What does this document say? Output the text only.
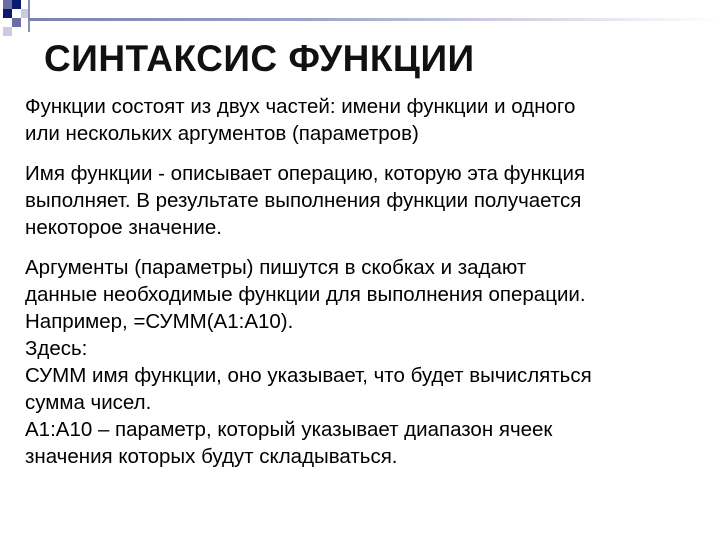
СИНТАКСИС ФУНКЦИИ

Функции состоят из двух частей: имени функции и одного
или нескольких аргументов (параметров)

Имя функции - описывает операцию, которую эта функция
выполняет. В результате выполнения функции получается
некоторое значение.

Аргументы (параметры) пишутся в скобках и задают
данные необходимые функции для выполнения операции.
Например, =СУММ(А1:А10).
Здесь:
СУММ имя функции, оно указывает, что будет вычисляться
сумма чисел.
А1:А10 – параметр, который указывает диапазон ячеек
значения которых будут складываться.
